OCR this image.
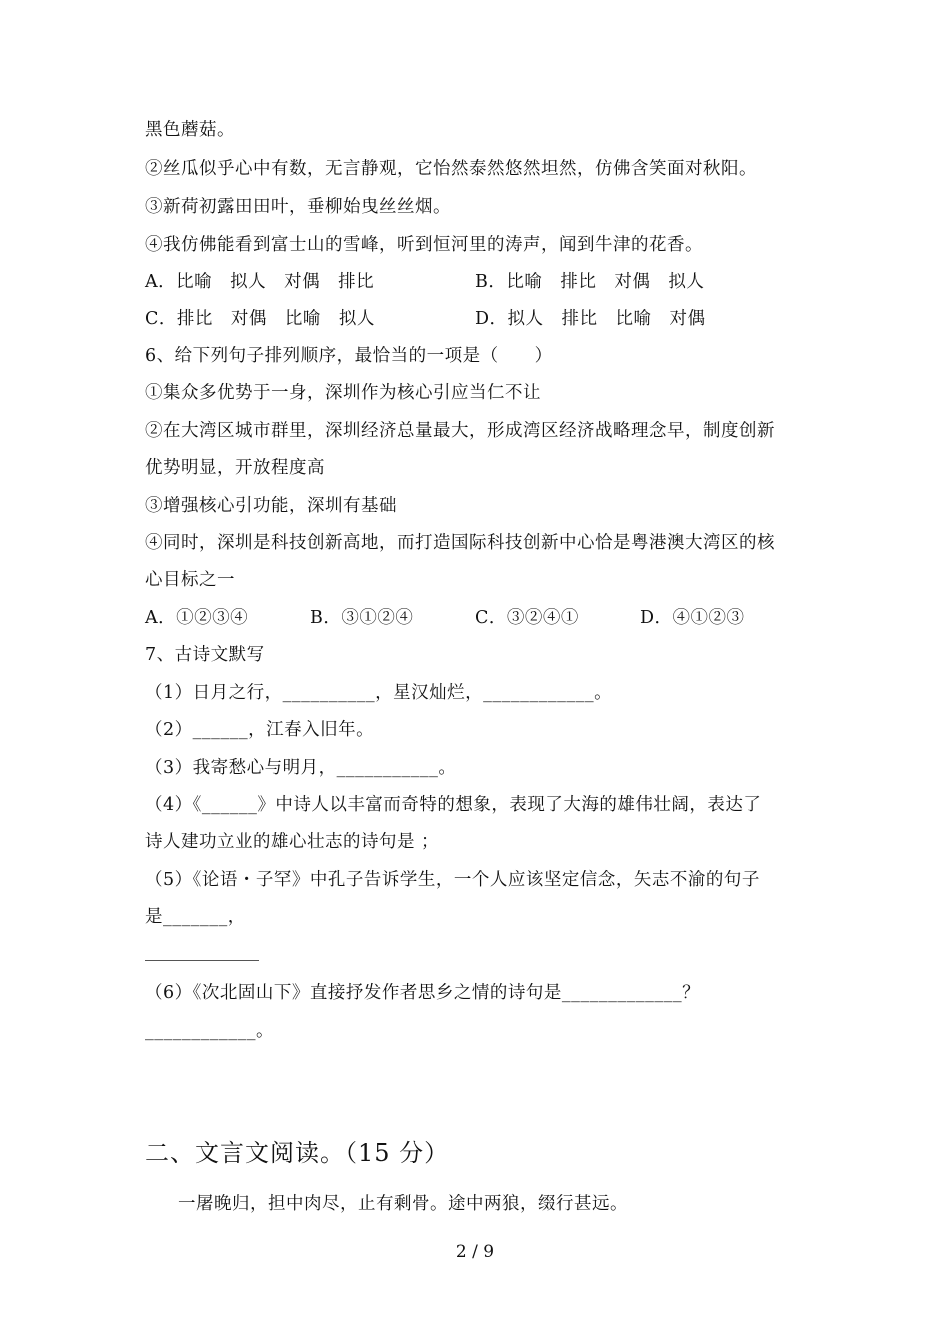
黑色蘑菇。
②丝瓜似乎心中有数，无言静观，它怡然泰然悠然坦然，仿佛含笑面对秋阳。
③新荷初露田田叶，垂柳始曳丝丝烟。
④我仿佛能看到富士山的雪峰，听到恒河里的涛声，闻到牛津的花香。
A．比喻　拟人　对偶　排比	B．比喻　排比　对偶　拟人
C．排比　对偶　比喻　拟人	D．拟人　排比　比喻　对偶
6、给下列句子排列顺序，最恰当的一项是（　　）
①集众多优势于一身，深圳作为核心引应当仁不让
②在大湾区城市群里，深圳经济总量最大，形成湾区经济战略理念早，制度创新
优势明显，开放程度高
③增强核心引功能，深圳有基础
④同时，深圳是科技创新高地，而打造国际科技创新中心恰是粤港澳大湾区的核
心目标之一
A．①②③④	B．③①②④	C．③②④①	D．④①②③
7、古诗文默写
（1）日月之行，__________，星汉灿烂，____________。
（2）______，江春入旧年。
（3）我寄愁心与明月，___________。
（4）《______》中诗人以丰富而奇特的想象，表现了大海的雄伟壮阔，表达了
诗人建功立业的雄心壮志的诗句是 ；
（5）《论语・子罕》中孔子告诉学生，一个人应该坚定信念，矢志不渝的句子
是_______，
（6）《次北固山下》直接抒发作者思乡之情的诗句是_____________？
____________。
二、文言文阅读。（15 分）
一屠晚归，担中肉尽，止有剩骨。途中两狼，缀行甚远。
2 / 9
